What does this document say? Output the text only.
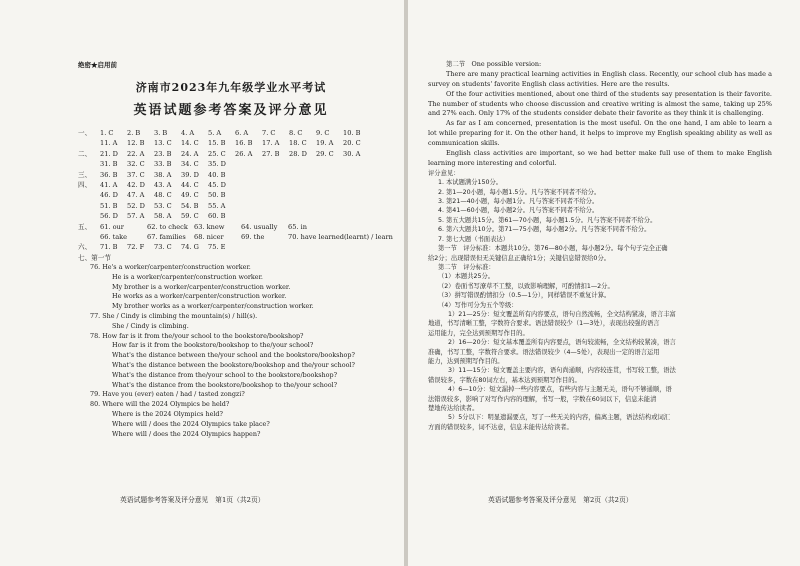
绝密★启用前
济南市2023年九年级学业水平考试
英语试题参考答案及评分意见
一、	1. C	2. B	3. B	4. A	5. A	6. A	7. C	8. C	9. C	10. B
11. A	12. B	13. C	14. C	15. B	16. B	17. A	18. C	19. A	20. C
二、	21. D	22. A	23. B	24. A	25. C	26. A	27. B	28. D	29. C	30. A
31. B	32. C	33. B	34. C	35. D
三、	36. B	37. C	38. A	39. D	40. B
四、	41. A	42. D	43. A	44. C	45. D
46. D	47. A	48. C	49. C	50. B
51. B	52. D	53. C	54. B	55. A
56. D	57. A	58. A	59. C	60. B
五、	61. our	62. to check 63. knew	64. usually	65. in
66. take	67. families	68. nicer	69. the	70. have learned(learnt) / learn
六、	71. B	72. F	73. C	74. G	75. E
七、第一节
76. He's a worker/carpenter/construction worker.
He is a worker/carpenter/construction worker.
My brother is a worker/carpenter/construction worker.
He works as a worker/carpenter/construction worker.
My brother works as a worker/carpenter/construction worker.
77. She / Cindy is climbing the mountain(s) / hill(s).
She / Cindy is climbing.
78. How far is it from the/your school to the bookstore/bookshop?
How far is it from the bookstore/bookshop to the/your school?
What's the distance between the/your school and the bookstore/bookshop?
What's the distance between the bookstore/bookshop and the/your school?
What's the distance from the/your school to the bookstore/bookshop?
What's the distance from the bookstore/bookshop to the/your school?
79. Have you (ever) eaten / had / tasted zongzi?
80. Where will the 2024 Olympics be held?
Where is the 2024 Olympics held?
Where will / does the 2024 Olympics take place?
Where will / does the 2024 Olympics happen?
英语试题参考答案及评分意见　第1页（共2页）
第二节　One possible version:

There are many practical learning activities in English class. Recently, our school club has made a survey on students' favorite English class activities. Here are the results.

Of the four activities mentioned, about one third of the students say presentation is their favorite. The number of students who choose discussion and creative writing is almost the same, taking up 25% and 27% each. Only 17% of the students consider debate their favorite as they think it is challenging.

As far as I am concerned, presentation is the most useful. On the one hand, I am able to learn a lot while preparing for it. On the other hand, it helps to improve my English speaking ability as well as communication skills.

English class activities are important, so we had better make full use of them to make English learning more interesting and colorful.

评分意见：
1. 本试题满分150分。
2. 第1—20小题，每小题1.5分。凡与答案不同者不给分。
3. 第21—40小题，每小题1分。凡与答案不同者不给分。
4. 第41—60小题，每小题2分。凡与答案不同者不给分。
5. 第五大题共15分。第61—70小题，每小题1.5分。凡与答案不同者不给分。
6. 第六大题共10分。第71—75小题，每小题2分。凡与答案不同者不给分。
7. 第七大题（书面表达）
第一节　评分标准：本题共10分。第76—80小题，每小题2分。每个句子完全正确
给2分；出现错误但无关键信息正确给1分；关键信息错误给0分。
第二节　评分标准：
（1）本题共25分。
（2）卷面书写潦草不工整，以致影响理解，可酌情扣1—2分。
（3）拼写错误酌情扣分（0.5—1分），同样错误不重复计算。
（4）写作可分为五个等级：
1）21—25分：短文覆盖所有内容要点，语句自然流畅，全文结构紧凑，语言丰富
地道，书写清晰工整，字数符合要求。语法错误较少（1—3处），表现出较强的语言
运用能力，完全达到预期写作目的。
2）16—20分：短文基本覆盖所有内容要点，语句较流畅，全文结构较紧凑，语言
准确，书写工整，字数符合要求。语法错误较少（4—5处），表现出一定的语言运用
能力，达到预期写作目的。
3）11—15分：短文覆盖主要内容，语句尚通顺，内容较连贯，书写较工整，语法
错误较多，字数在80词左右，基本达到预期写作目的。
4）6—10分：短文漏掉一些内容要点，有些内容与主题无关，语句不够通顺，语
法错误较多，影响了对写作内容的理解，书写一般，字数在60词以下，信息未能清
楚地传达给读者。
5）5分以下：明显遗漏要点，写了一些无关的内容，偏离主题，语法结构或词汇
方面的错误较多，词不达意，信息未能传达给读者。
英语试题参考答案及评分意见　第2页（共2页）
